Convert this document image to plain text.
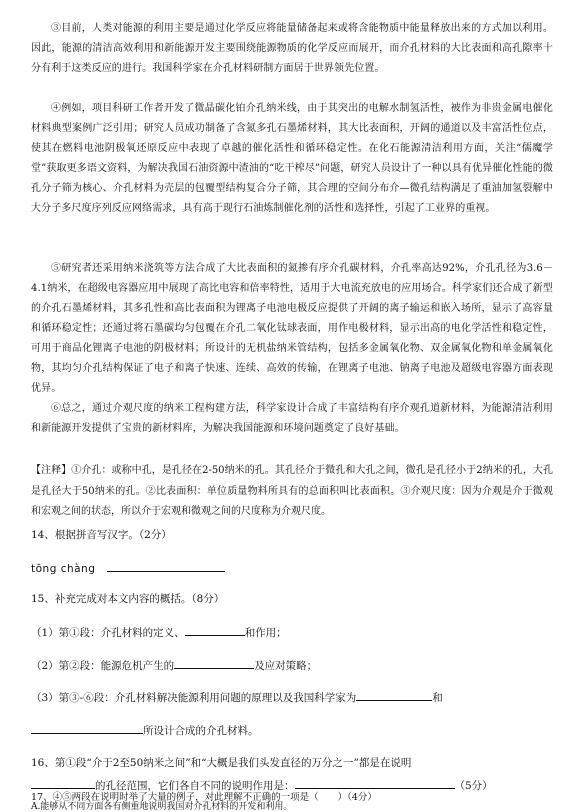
③目前，人类对能源的利用主要是通过化学反应将能量储备起来或将含能物质中能量释放出来的方式加以利用。因此，能源的清洁高效利用和新能源开发主要围绕能源物质的化学反应而展开，而介孔材料的大比表面和高孔隙率十分有利于这类反应的进行。我国科学家在介孔材料研制方面居于世界领先位置。

④例如，项目科研工作者开发了微晶碳化铂介孔纳米线，由于其突出的电解水制氢活性，被作为非贵金属电催化材料典型案例广泛引用；研究人员成功制备了含氮多孔石墨烯材料，其大比表面积，开阔的通道以及丰富活性位点，使其在燃料电池阴极氧还原反应中表现了卓越的催化活性和循环稳定性。在化石能源清洁利用方面，关注“儒魔学堂”获取更多语文资料，为解决我国石油资源中渣油的“吃干榨尽”问题，研究人员设计了一种以具有优异催化性能的微孔分子筛为核心、介孔材料为壳层的包覆型结构复合分子筛，其合理的空间分布介—微孔结构满足了重油加氢裂解中大分子多尺度序列反应网络需求，具有高于现行石油炼制催化剂的活性和选择性，引起了工业界的重视。

⑤研究者还采用纳米浇筑等方法合成了大比表面积的氮掺有序介孔碳材料，介孔率高达92%，介孔孔径为3.6－4.1纳米，在超级电容器应用中展现了高比电容和倍率特性，适用于大电流充放电的应用场合。科学家们还合成了新型的介孔石墨烯材料，其多孔性和高比表面积为锂离子电池电极反应提供了开阔的离子输运和嵌入场所，显示了高容量和循环稳定性；还通过将石墨碳均匀包覆在介孔二氧化钛球表面，用作电极材料，显示出高的电化学活性和稳定性，可用于商品化锂离子电池的阴极材料；所设计的无机盐纳米管结构，包括多金属氧化物、双金属氧化物和单金属氧化物，其均匀介孔结构保证了电子和离子快速、连续、高效的传输，在锂离子电池、钠离子电池及超级电容器方面表现优异。

⑥总之，通过介观尺度的纳米工程构建方法，科学家设计合成了丰富结构有序介观孔道新材料，为能源清洁利用和新能源开发提供了宝贵的新材料库，为解决我国能源和环境问题奠定了良好基础。

【注释】①介孔：或称中孔，是孔径在2-50纳米的孔。其孔径介于微孔和大孔之间，微孔是孔径小于2纳米的孔，大孔是孔径大于50纳米的孔。②比表面积：单位质量物料所具有的总面积叫比表面积。③介观尺度：因为介观是介于微观和宏观之间的状态，所以介于宏观和微观之间的尺度称为介观尺度。

14、根据拼音写汉字。（2分）
tōng chàng
15、补充完成对本文内容的概括。（8分）
（1）第①段：介孔材料的定义、	和作用；
（2）第②段：能源危机产生的	及应对策略；
（3）第③-⑥段：介孔材料解决能源利用问题的原理以及我国科学家为	和
所设计合成的介孔材料。
16、第①段“介于2至50纳米之间”和“大概是我们头发直径的万分之一”都是在说明
的孔径范围，它们各自不同的说明作用是：	（5分）
17、④⑤两段在说明时举了大量的例子，对此理解不正确的一项是（　　）（4分）
A.能够从不同方面各有侧重地说明我国对介孔材料的开发和利用。
